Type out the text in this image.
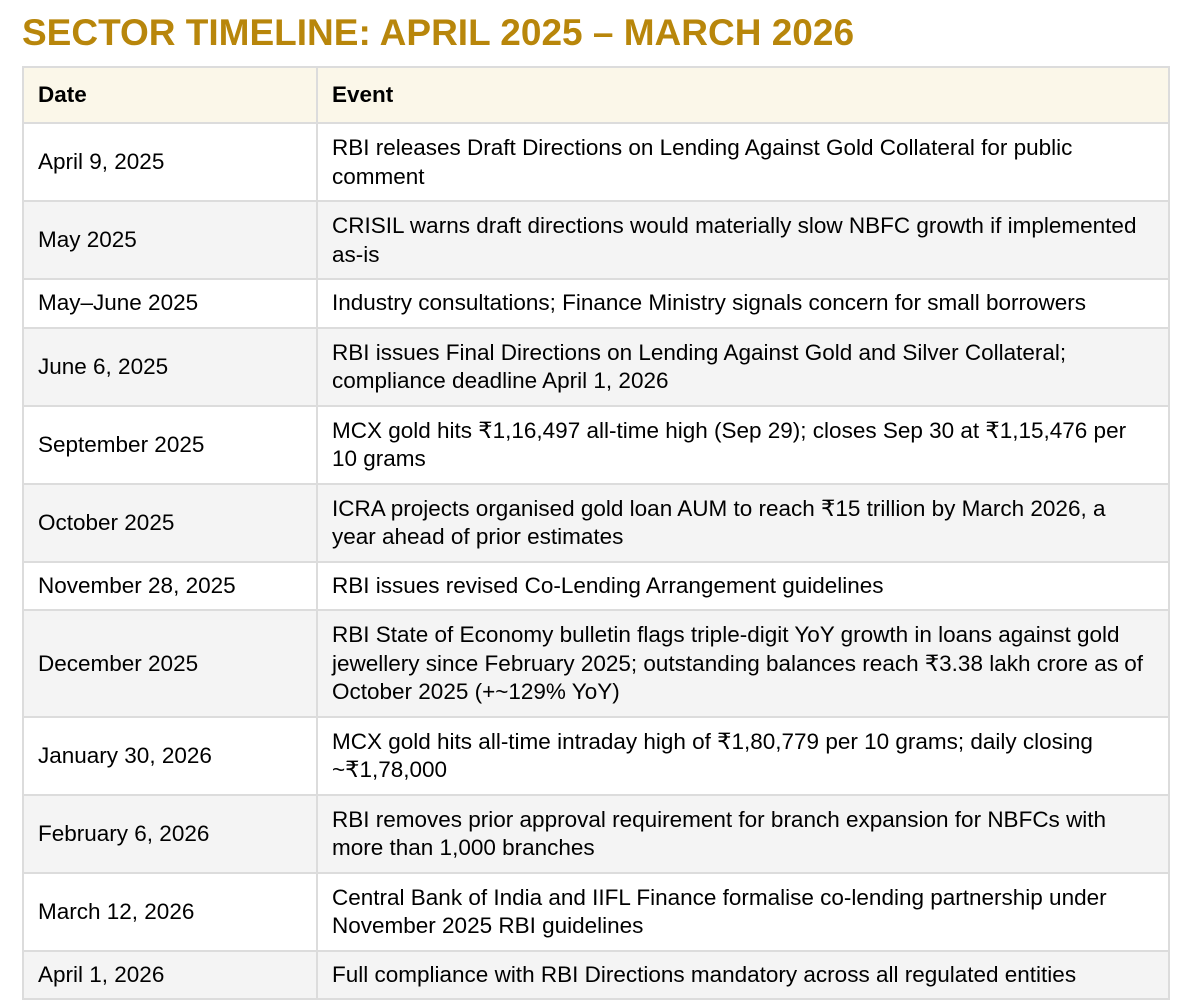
SECTOR TIMELINE: APRIL 2025 – MARCH 2026
Date	Event
April 9, 2025	RBI releases Draft Directions on Lending Against Gold Collateral for public comment
May 2025	CRISIL warns draft directions would materially slow NBFC growth if implemented as-is
May–June 2025	Industry consultations; Finance Ministry signals concern for small borrowers
June 6, 2025	RBI issues Final Directions on Lending Against Gold and Silver Collateral; compliance deadline April 1, 2026
September 2025	MCX gold hits ₹1,16,497 all-time high (Sep 29); closes Sep 30 at ₹1,15,476 per 10 grams
October 2025	ICRA projects organised gold loan AUM to reach ₹15 trillion by March 2026, a year ahead of prior estimates
November 28, 2025	RBI issues revised Co-Lending Arrangement guidelines
December 2025	RBI State of Economy bulletin flags triple-digit YoY growth in loans against gold jewellery since February 2025; outstanding balances reach ₹3.38 lakh crore as of October 2025 (+~129% YoY)
January 30, 2026	MCX gold hits all-time intraday high of ₹1,80,779 per 10 grams; daily closing ~₹1,78,000
February 6, 2026	RBI removes prior approval requirement for branch expansion for NBFCs with more than 1,000 branches
March 12, 2026	Central Bank of India and IIFL Finance formalise co-lending partnership under November 2025 RBI guidelines
April 1, 2026	Full compliance with RBI Directions mandatory across all regulated entities
